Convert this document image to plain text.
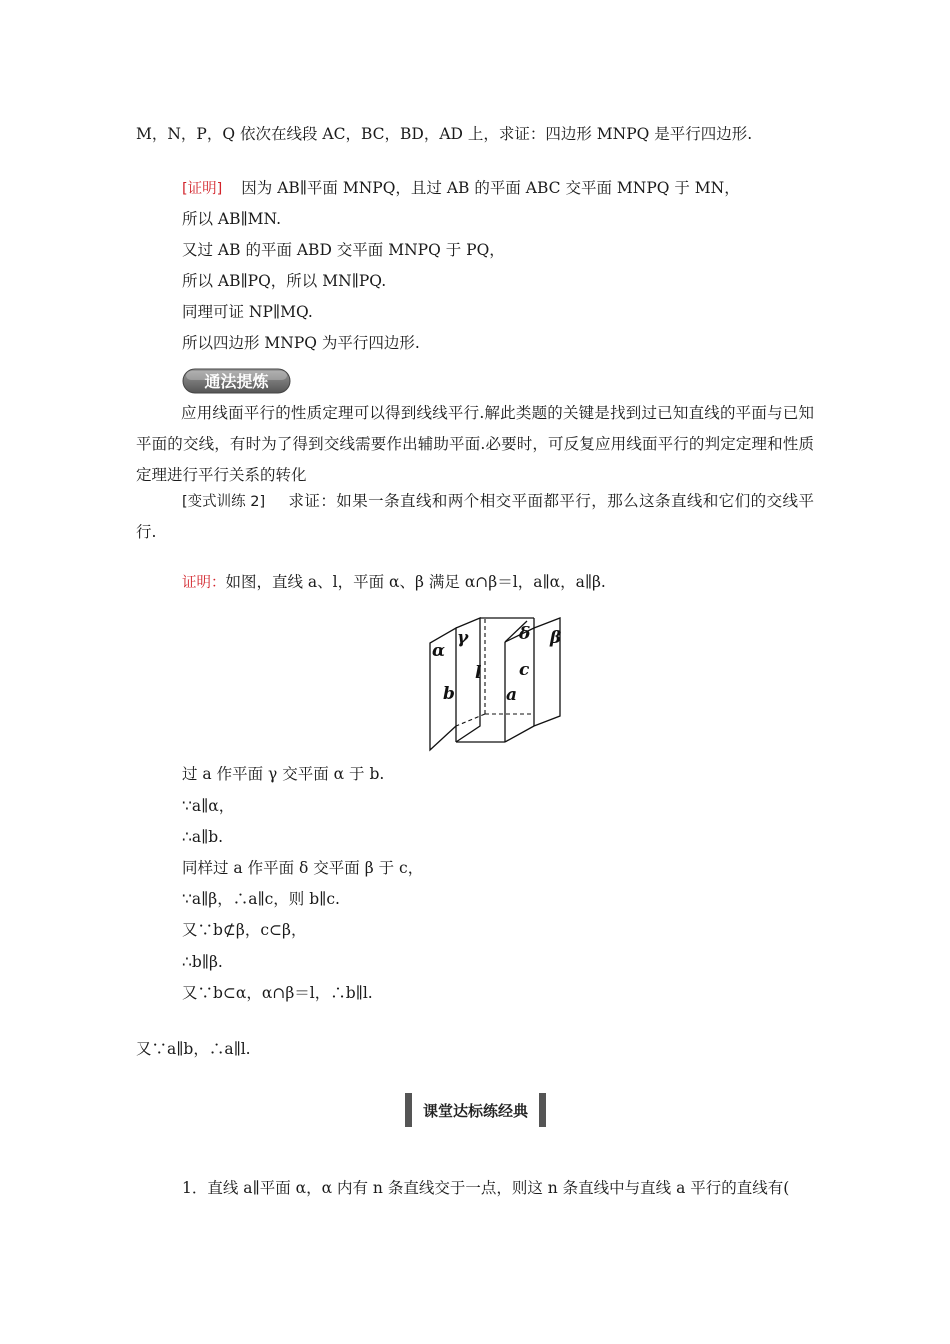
M，N，P，Q 依次在线段 AC，BC，BD，AD 上，求证：四边形 MNPQ 是平行四边形.
[证明] 因为 AB∥平面 MNPQ，且过 AB 的平面 ABC 交平面 MNPQ 于 MN，
所以 AB∥MN.
又过 AB 的平面 ABD 交平面 MNPQ 于 PQ，
所以 AB∥PQ，所以 MN∥PQ.
同理可证 NP∥MQ.
所以四边形 MNPQ 为平行四边形.
通法提炼
应用线面平行的性质定理可以得到线线平行.解此类题的关键是找到过已知直线的平面与已知平面的交线，有时为了得到交线需要作出辅助平面.必要时，可反复应用线面平行的判定定理和性质定理进行平行关系的转化
[变式训练 2]	求证：如果一条直线和两个相交平面都平行，那么这条直线和它们的交线平行.
证明：如图，直线 a、l，平面 α、β 满足 α∩β＝l，a∥α，a∥β.
α
γ	δ β
l
b	a
c
过 a 作平面 γ 交平面 α 于 b.
∵a∥α，
∴a∥b.
同样过 a 作平面 δ 交平面 β 于 c，
∵a∥β，∴a∥c，则 b∥c.
又∵b⊄β，c⊂β，
∴b∥β.
又∵b⊂α，α∩β＝l，∴b∥l.
又∵a∥b，∴a∥l.
课堂达标练经典
1．直线 a∥平面 α，α 内有 n 条直线交于一点，则这 n 条直线中与直线 a 平行的直线有(
